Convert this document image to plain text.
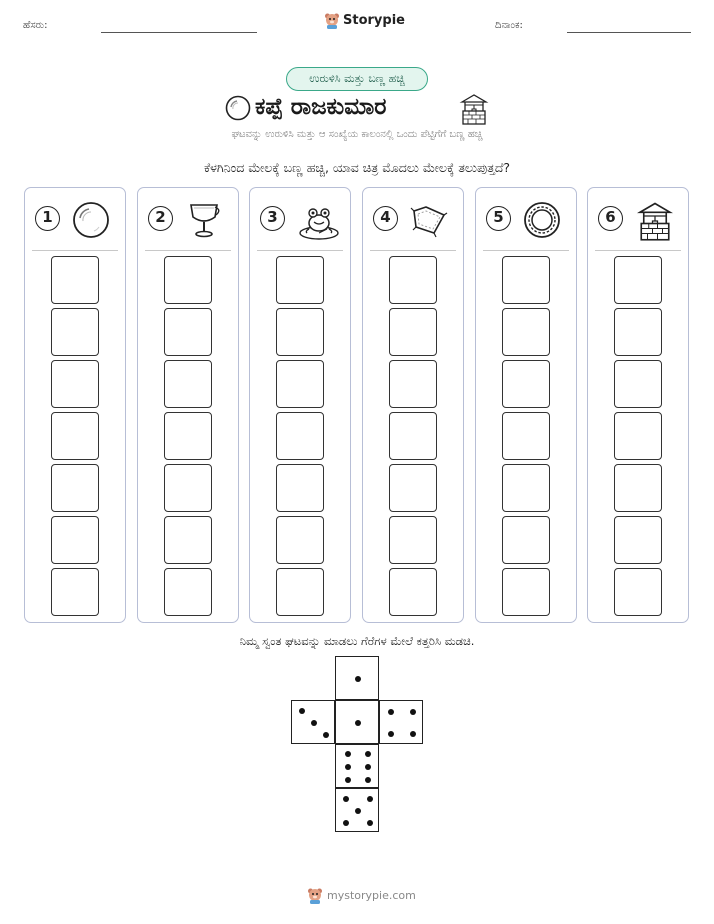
ಹೆಸರು:	Storypie	ದಿನಾಂಕ:
ಉರುಳಿಸಿ ಮತ್ತು ಬಣ್ಣ ಹಚ್ಚಿ
ಕಪ್ಪೆ ರಾಜಕುಮಾರ
ಘಟವನ್ನು ಉರುಳಿಸಿ ಮತ್ತು ಆ ಸಂಖ್ಯೆಯ ಕಾಲಂನಲ್ಲಿ ಒಂದು ಪೆಟ್ಟಿಗೆಗೆ ಬಣ್ಣ ಹಚ್ಚಿ
ಕೆಳಗಿನಿಂದ ಮೇಲಕ್ಕೆ ಬಣ್ಣ ಹಚ್ಚಿ, ಯಾವ ಚಿತ್ರ ಮೊದಲು ಮೇಲಕ್ಕೆ ತಲುಪುತ್ತದೆ?
1	2	3	4	5	6
ನಿಮ್ಮ ಸ್ವಂತ ಘಟವನ್ನು ಮಾಡಲು ಗೆರೆಗಳ ಮೇಲೆ ಕತ್ತರಿಸಿ ಮಡಚಿ.
mystorypie.com
